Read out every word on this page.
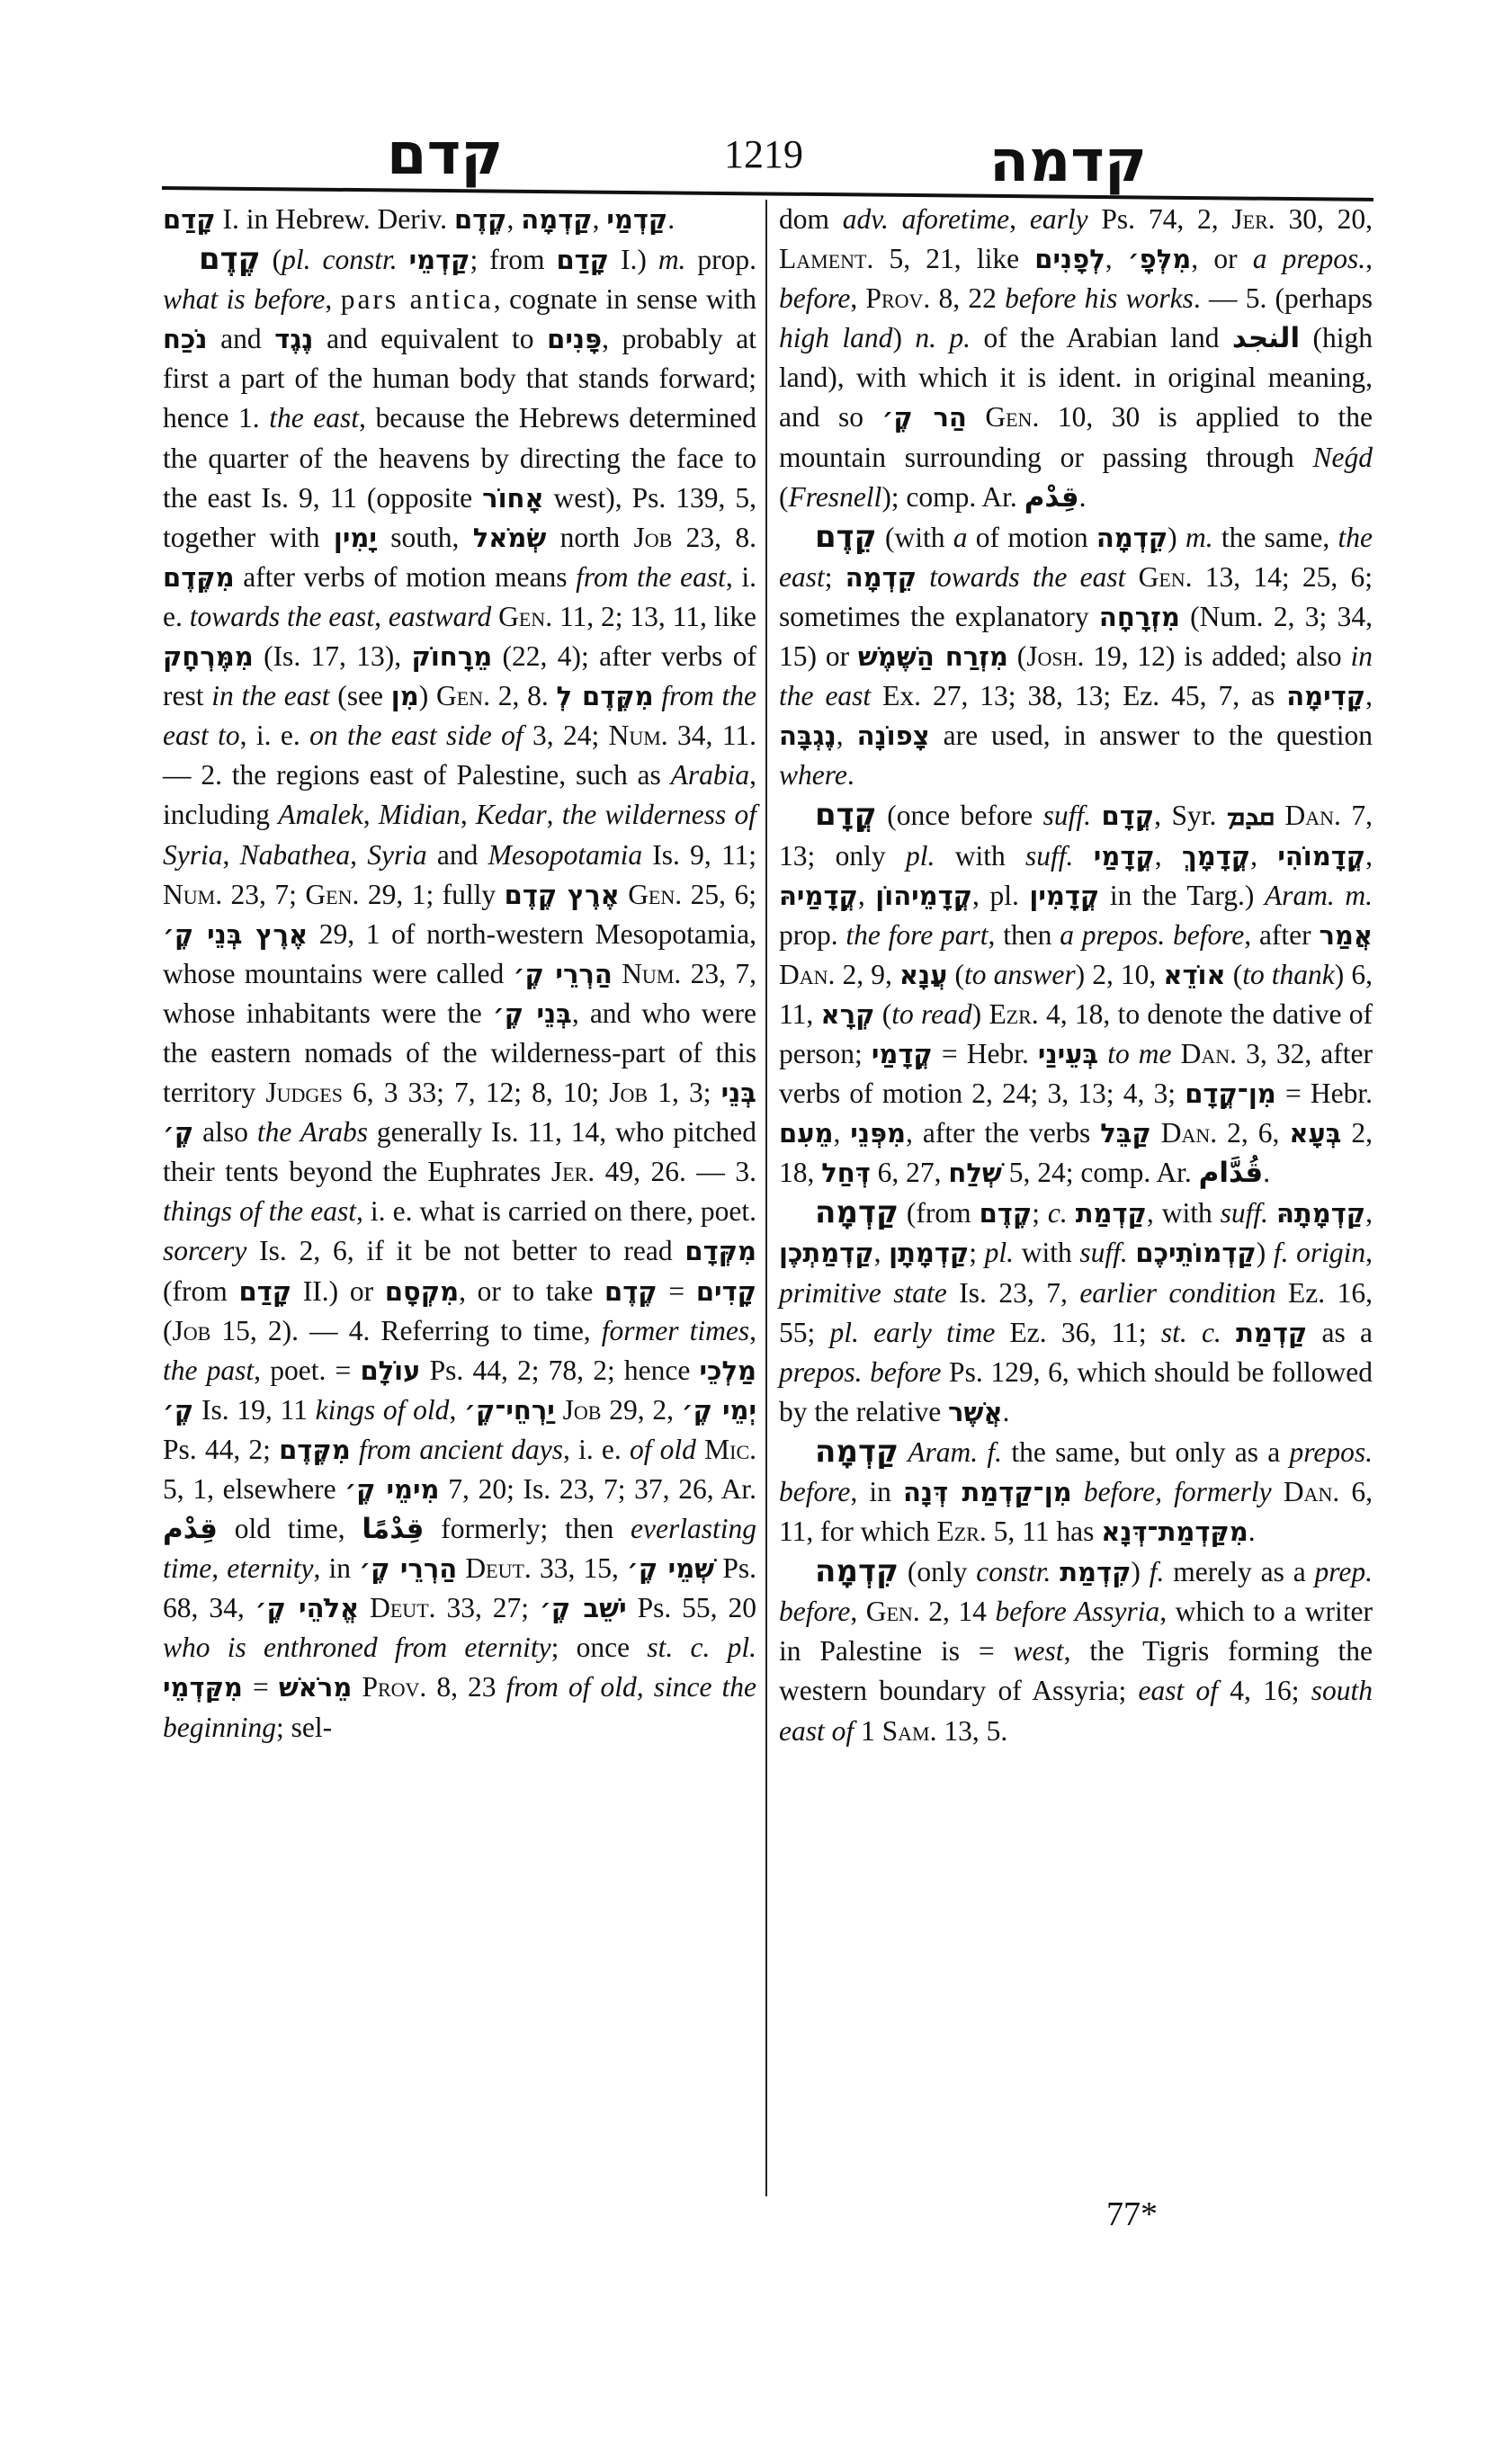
קדם	1219	קדמה

קָדַם I. in Hebrew. Deriv. קֶדֶם, קַדְמָה, קַדְמַי.

קֶדֶם (pl. constr. קַדְמֵי; from קָדַם I.) m. prop. what is before, pars antica, cognate in sense with נֹכַח and נֶגֶד and equivalent to פָּנִים, probably at first a part of the human body that stands forward; hence 1. the east, because the Hebrews determined the quarter of the heavens by directing the face to the east Is. 9, 11 (opposite אָחוֹר west), Ps. 139, 5, together with יָמִין south, שְׂמֹאל north Job 23, 8. מִקֶּדֶם after verbs of motion means from the east, i. e. towards the east, eastward Gen. 11, 2; 13, 11, like מִמֶּרְחָק (Is. 17, 13), מֵרָחוֹק (22, 4); after verbs of rest in the east (see מִן) Gen. 2, 8. מִקֶּדֶם לְ from the east to, i. e. on the east side of 3, 24; Num. 34, 11. — 2. the regions east of Palestine, such as Arabia, including Amalek, Midian, Kedar, the wilderness of Syria, Nabathea, Syria and Mesopotamia Is. 9, 11; Num. 23, 7; Gen. 29, 1; fully אֶרֶץ קֶדֶם Gen. 25, 6; אֶרֶץ בְּנֵי קֶ׳ 29, 1 of north-western Mesopotamia, whose mountains were called הַרְרֵי קֶ׳ Num. 23, 7, whose inhabitants were the בְּנֵי קֶ׳, and who were the eastern nomads of the wilderness-part of this territory Judges 6, 3 33; 7, 12; 8, 10; Job 1, 3; בְּנֵי קֶ׳ also the Arabs generally Is. 11, 14, who pitched their tents beyond the Euphrates Jer. 49, 26. — 3. things of the east, i. e. what is carried on there, poet. sorcery Is. 2, 6, if it be not better to read מִקְּדָם (from קָדַם II.) or מִקְסָם, or to take קֶדֶם = קָדִים (Job 15, 2). — 4. Referring to time, former times, the past, poet. = עוֹלָם Ps. 44, 2; 78, 2; hence מַלְכֵי קֶ׳ Is. 19, 11 kings of old, יַרְחֵי־קֶ׳ Job 29, 2, יְמֵי קֶ׳ Ps. 44, 2; מִקֶּדֶם from ancient days, i. e. of old Mic. 5, 1, elsewhere מִימֵי קֶ׳ 7, 20; Is. 23, 7; 37, 26, Ar. قِدْم old time, قِدْمًا formerly; then everlasting time, eternity, in הַרְרֵי קֶ׳ Deut. 33, 15, שְׁמֵי קֶ׳ Ps. 68, 34, אֱלֹהֵי קֶ׳ Deut. 33, 27; יֹשֵׁב קֶ׳ Ps. 55, 20 who is enthroned from eternity; once st. c. pl. מִקַּדְמֵי = מֵרֹאשׁ Prov. 8, 23 from of old, since the beginning; sel-

dom adv. aforetime, early Ps. 74, 2, Jer. 30, 20, Lament. 5, 21, like לְפָנִים, מִלְּפָ׳, or a prepos., before, Prov. 8, 22 before his works. — 5. (perhaps high land) n. p. of the Arabian land النجد (high land), with which it is ident. in original meaning, and so הַר קֶ׳ Gen. 10, 30 is applied to the mountain surrounding or passing through Neǵd (Fresnell); comp. Ar. قِدْم.

קֵדֶם (with a of motion קֵדְמָה) m. the same, the east; קֵדְמָה towards the east Gen. 13, 14; 25, 6; sometimes the explanatory מִזְרָחָה (Num. 2, 3; 34, 15) or מִזְרַח הַשֶּׁמֶשׁ (Josh. 19, 12) is added; also in the east Ex. 27, 13; 38, 13; Ez. 45, 7, as קָדִימָה, נֶגְבָּה, צָפוֹנָה are used, in answer to the question where.

קֳדָם (once before suff. קֳדָם, Syr. ܩܕܡ Dan. 7, 13; only pl. with suff. קֳדָמַי, קֳדָמָךְ, קֳדָמוֹהִי, קֳדָמַיהּ, קֳדָמֵיהוֹן, pl. קֳדָמִין in the Targ.) Aram. m. prop. the fore part, then a prepos. before, after אֲמַר Dan. 2, 9, עֲנָא (to answer) 2, 10, אוֹדֵא (to thank) 6, 11, קְרָא (to read) Ezr. 4, 18, to denote the dative of person; קֳדָמַי = Hebr. בְּעֵינַי to me Dan. 3, 32, after verbs of motion 2, 24; 3, 13; 4, 3; מִן־קֳדָם = Hebr. מֵעִם, מִפְּנֵי, after the verbs קַבֵּל Dan. 2, 6, בְּעָא 2, 18, דְּחַל 6, 27, שְׁלַח 5, 24; comp. Ar. قُدَّام.

קַדְמָה (from קֶדֶם; c. קַדְמַת, with suff. קַדְמָתָהּ, קַדְמַתְכֶן, קַדְמָתָן; pl. with suff. קַדְמוֹתֵיכֶם) f. origin, primitive state Is. 23, 7, earlier condition Ez. 16, 55; pl. early time Ez. 36, 11; st. c. קַדְמַת as a prepos. before Ps. 129, 6, which should be followed by the relative אֲשֶׁר.

קַדְמָה Aram. f. the same, but only as a prepos. before, in מִן־קַדְמַת דְּנָה before, formerly Dan. 6, 11, for which Ezr. 5, 11 has מִקַּדְמַת־דְּנָא.

קִדְמָה (only constr. קִדְמַת) f. merely as a prep. before, Gen. 2, 14 before Assyria, which to a writer in Palestine is = west, the Tigris forming the western boundary of Assyria; east of 4, 16; south east of 1 Sam. 13, 5.

77*
